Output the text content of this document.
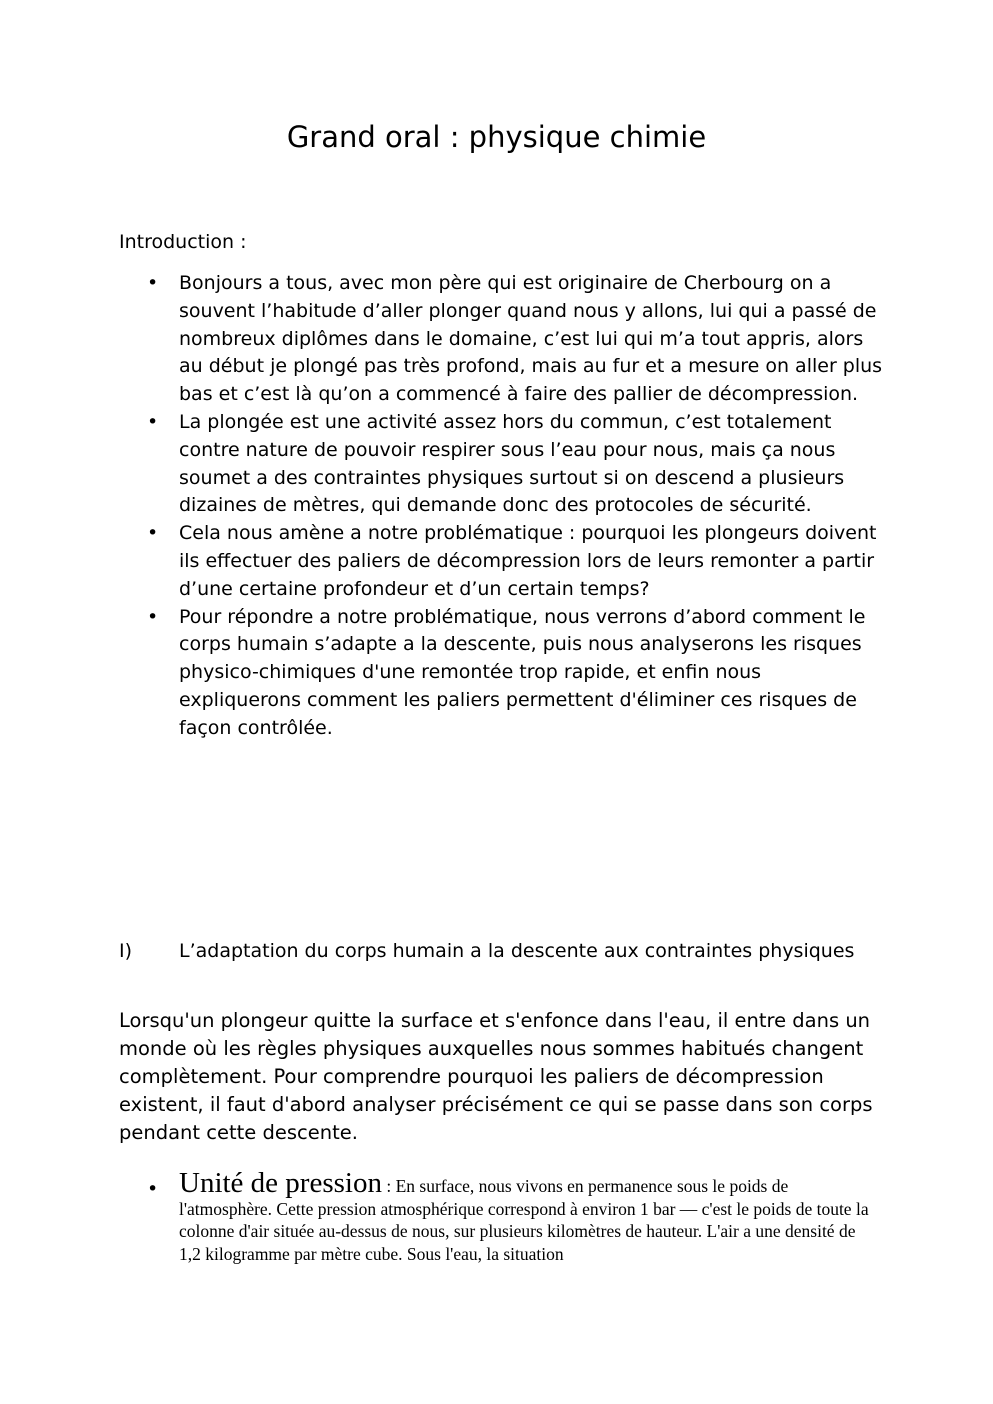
Grand oral : physique chimie
Introduction :
• Bonjours a tous, avec mon père qui est originaire de Cherbourg on a souvent l’habitude d’aller plonger quand nous y allons, lui qui a passé de nombreux diplômes dans le domaine, c’est lui qui m’a tout appris, alors au début je plongé pas très profond, mais au fur et a mesure on aller plus bas et c’est là qu’on a commencé à faire des pallier de décompression.
• La plongée est une activité assez hors du commun, c’est totalement contre nature de pouvoir respirer sous l’eau pour nous, mais ça nous soumet a des contraintes physiques surtout si on descend a plusieurs dizaines de mètres, qui demande donc des protocoles de sécurité.
• Cela nous amène a notre problématique : pourquoi les plongeurs doivent ils effectuer des paliers de décompression lors de leurs remonter a partir d’une certaine profondeur et d’un certain temps?
• Pour répondre a notre problématique, nous verrons d’abord comment le corps humain s’adapte a la descente, puis nous analyserons les risques physico-chimiques d'une remontée trop rapide, et enfin nous expliquerons comment les paliers permettent d'éliminer ces risques de façon contrôlée.
I)	L’adaptation du corps humain a la descente aux contraintes physiques
Lorsqu'un plongeur quitte la surface et s'enfonce dans l'eau, il entre dans un monde où les règles physiques auxquelles nous sommes habitués changent complètement. Pour comprendre pourquoi les paliers de décompression existent, il faut d'abord analyser précisément ce qui se passe dans son corps pendant cette descente.
• Unité de pression : En surface, nous vivons en permanence sous le poids de l'atmosphère. Cette pression atmosphérique correspond à environ 1 bar — c'est le poids de toute la colonne d'air située au-dessus de nous, sur plusieurs kilomètres de hauteur. L'air a une densité de 1,2 kilogramme par mètre cube. Sous l'eau, la situation
